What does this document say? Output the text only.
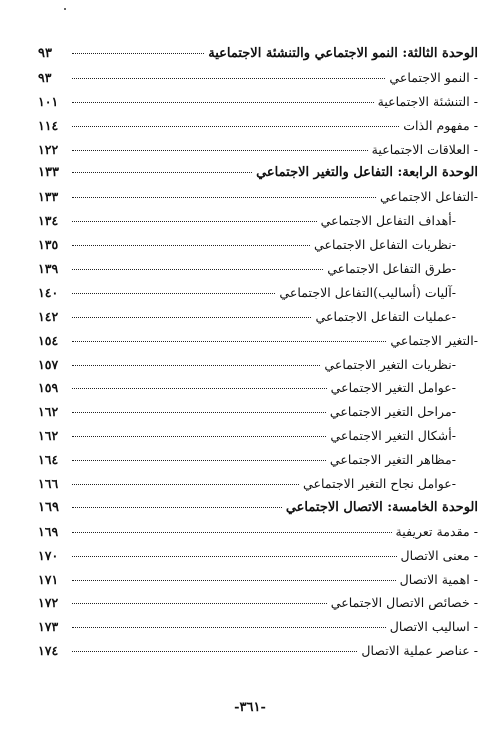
الوحدة الثالثة: النمو الاجتماعي والتنشئة الاجتماعية
٩٣
- النمو الاجتماعي
٩٣
- التنشئة الاجتماعية
١٠١
- مفهوم الذات
١١٤
- العلاقات الاجتماعية
١٢٢
الوحدة الرابعة: التفاعل والتغير الاجتماعي
١٣٣
-التفاعل الاجتماعي
١٣٣
-أهداف التفاعل الاجتماعي
١٣٤
-نظريات التفاعل الاجتماعي
١٣٥
-طرق التفاعل الاجتماعي
١٣٩
-آليات (أساليب)التفاعل الاجتماعي
١٤٠
-عمليات التفاعل الاجتماعي
١٤٢
-التغير الاجتماعي
١٥٤
-نظريات التغير الاجتماعي
١٥٧
-عوامل التغير الاجتماعي
١٥٩
-مراحل التغير الاجتماعي
١٦٢
-أشكال التغير الاجتماعي
١٦٢
-مظاهر التغير الاجتماعي
١٦٤
-عوامل نجاح التغير الاجتماعي
١٦٦
الوحدة الخامسة: الاتصال الاجتماعي
١٦٩
- مقدمة تعريفية
١٦٩
- معنى الاتصال
١٧٠
- اهمية الاتصال
١٧١
- خصائص الاتصال الاجتماعي
١٧٢
- اساليب الاتصال
١٧٣
- عناصر عملية الاتصال
١٧٤
-٣٦١-
